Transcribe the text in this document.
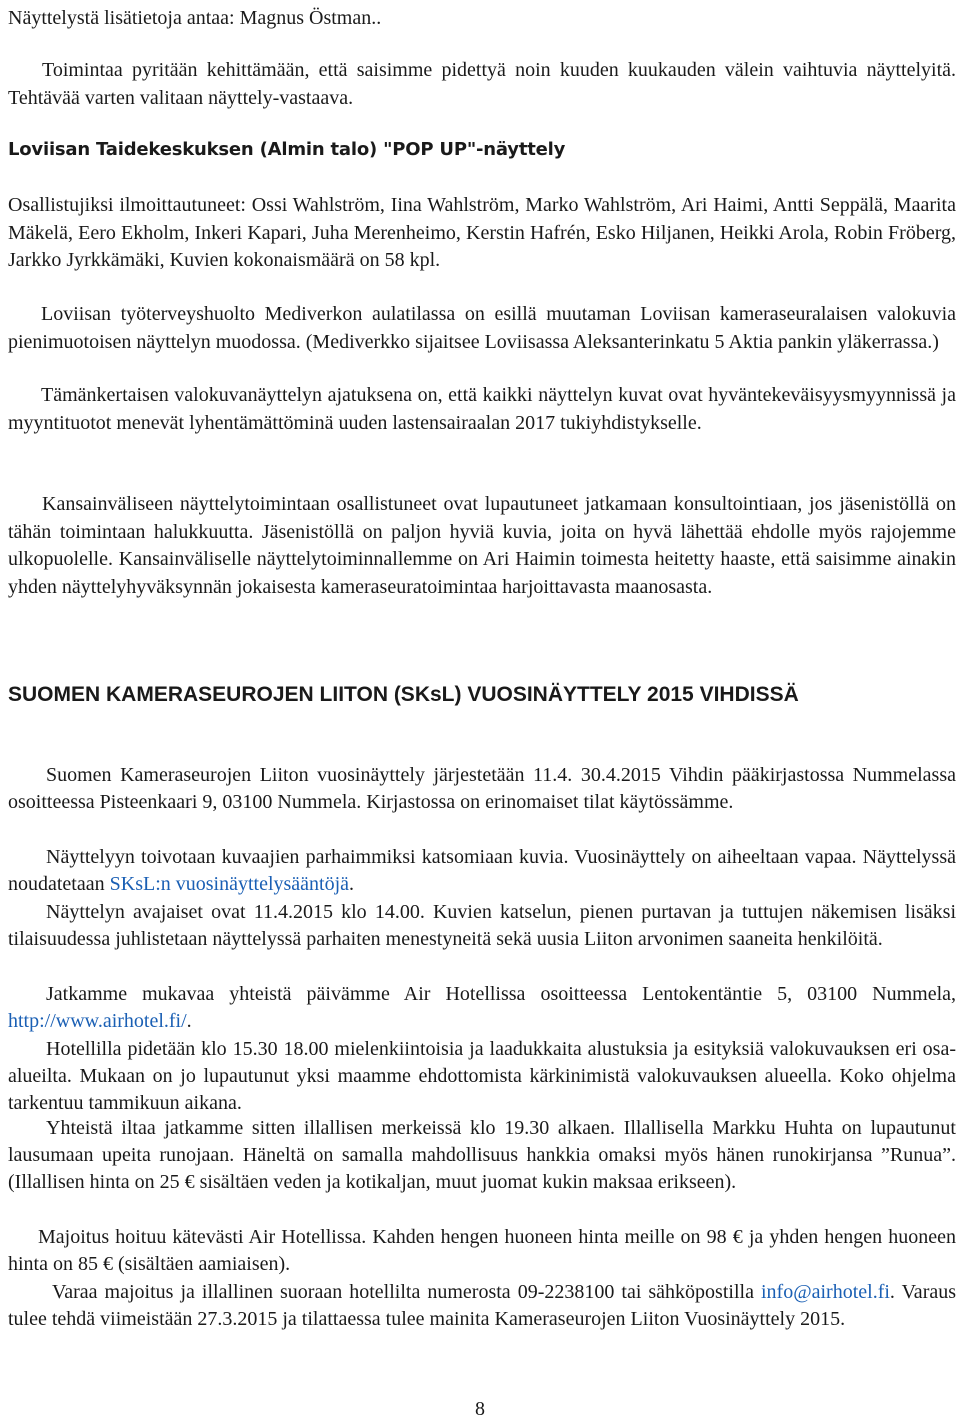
Näyttelystä lisätietoja antaa: Magnus Östman..

Toimintaa pyritään kehittämään, että saisimme pidettyä noin kuuden kuukauden välein vaihtuvia näyttelyitä. Tehtävää varten valitaan näyttely-vastaava.

Loviisan Taidekeskuksen (Almin talo) "POP UP"-näyttely

Osallistujiksi ilmoittautuneet: Ossi Wahlström, Iina Wahlström, Marko Wahlström, Ari Haimi, Antti Seppälä, Maarita Mäkelä, Eero Ekholm, Inkeri Kapari, Juha Merenheimo, Kerstin Hafrén, Esko Hiljanen, Heikki Arola, Robin Fröberg, Jarkko Jyrkkämäki, Kuvien kokonaismäärä on 58 kpl.

Loviisan työterveyshuolto Mediverkon aulatilassa on esillä muutaman Loviisan kameraseuralaisen valokuvia pienimuotoisen näyttelyn muodossa. (Mediverkko sijaitsee Loviisassa Aleksanterinkatu 5 Aktia pankin yläkerrassa.)

Tämänkertaisen valokuvanäyttelyn ajatuksena on, että kaikki näyttelyn kuvat ovat hyväntekeväisyysmyynnissä ja myyntituotot menevät lyhentämättöminä uuden lastensairaalan 2017 tukiyhdistykselle.

Kansainväliseen näyttelytoimintaan osallistuneet ovat lupautuneet jatkamaan konsultointiaan, jos jäsenistöllä on tähän toimintaan halukkuutta. Jäsenistöllä on paljon hyviä kuvia, joita on hyvä lähettää ehdolle myös rajojemme ulkopuolelle. Kansainväliselle näyttelytoiminnallemme on Ari Haimin toimesta heitetty haaste, että saisimme ainakin yhden näyttelyhyväksynnän jokaisesta kameraseuratoimintaa harjoittavasta maanosasta.

SUOMEN KAMERASEUROJEN LIITON (SKsL) VUOSINÄYTTELY 2015 VIHDISSÄ

Suomen Kameraseurojen Liiton vuosinäyttely järjestetään 11.4. 30.4.2015 Vihdin pääkirjastossa Nummelassa osoitteessa Pisteenkaari 9, 03100 Nummela. Kirjastossa on erinomaiset tilat käytössämme.

Näyttelyyn toivotaan kuvaajien parhaimmiksi katsomiaan kuvia. Vuosinäyttely on aiheeltaan vapaa. Näyttelyssä noudatetaan SKsL:n vuosinäyttelysääntöjä.

Näyttelyn avajaiset ovat 11.4.2015 klo 14.00. Kuvien katselun, pienen purtavan ja tuttujen näkemisen lisäksi tilaisuudessa juhlistetaan näyttelyssä parhaiten menestyneitä sekä uusia Liiton arvonimen saaneita henkilöitä.

Jatkamme mukavaa yhteistä päivämme Air Hotellissa osoitteessa Lentokentäntie 5, 03100 Nummela, http://www.airhotel.fi/.

Hotellilla pidetään klo 15.30 18.00 mielenkiintoisia ja laadukkaita alustuksia ja esityksiä valokuvauksen eri osa-alueilta. Mukaan on jo lupautunut yksi maamme ehdottomista kärkinimistä valokuvauksen alueella. Koko ohjelma tarkentuu tammikuun aikana.

Yhteistä iltaa jatkamme sitten illallisen merkeissä klo 19.30 alkaen. Illallisella Markku Huhta on lupautunut lausumaan upeita runojaan. Häneltä on samalla mahdollisuus hankkia omaksi myös hänen runokirjansa ”Runua”. (Illallisen hinta on 25 € sisältäen veden ja kotikaljan, muut juomat kukin maksaa erikseen).

Majoitus hoituu kätevästi Air Hotellissa. Kahden hengen huoneen hinta meille on 98 € ja yhden hengen huoneen hinta on 85 € (sisältäen aamiaisen).

Varaa majoitus ja illallinen suoraan hotellilta numerosta 09-2238100 tai sähköpostilla info@airhotel.fi. Varaus tulee tehdä viimeistään 27.3.2015 ja tilattaessa tulee mainita Kameraseurojen Liiton Vuosinäyttely 2015.

8
